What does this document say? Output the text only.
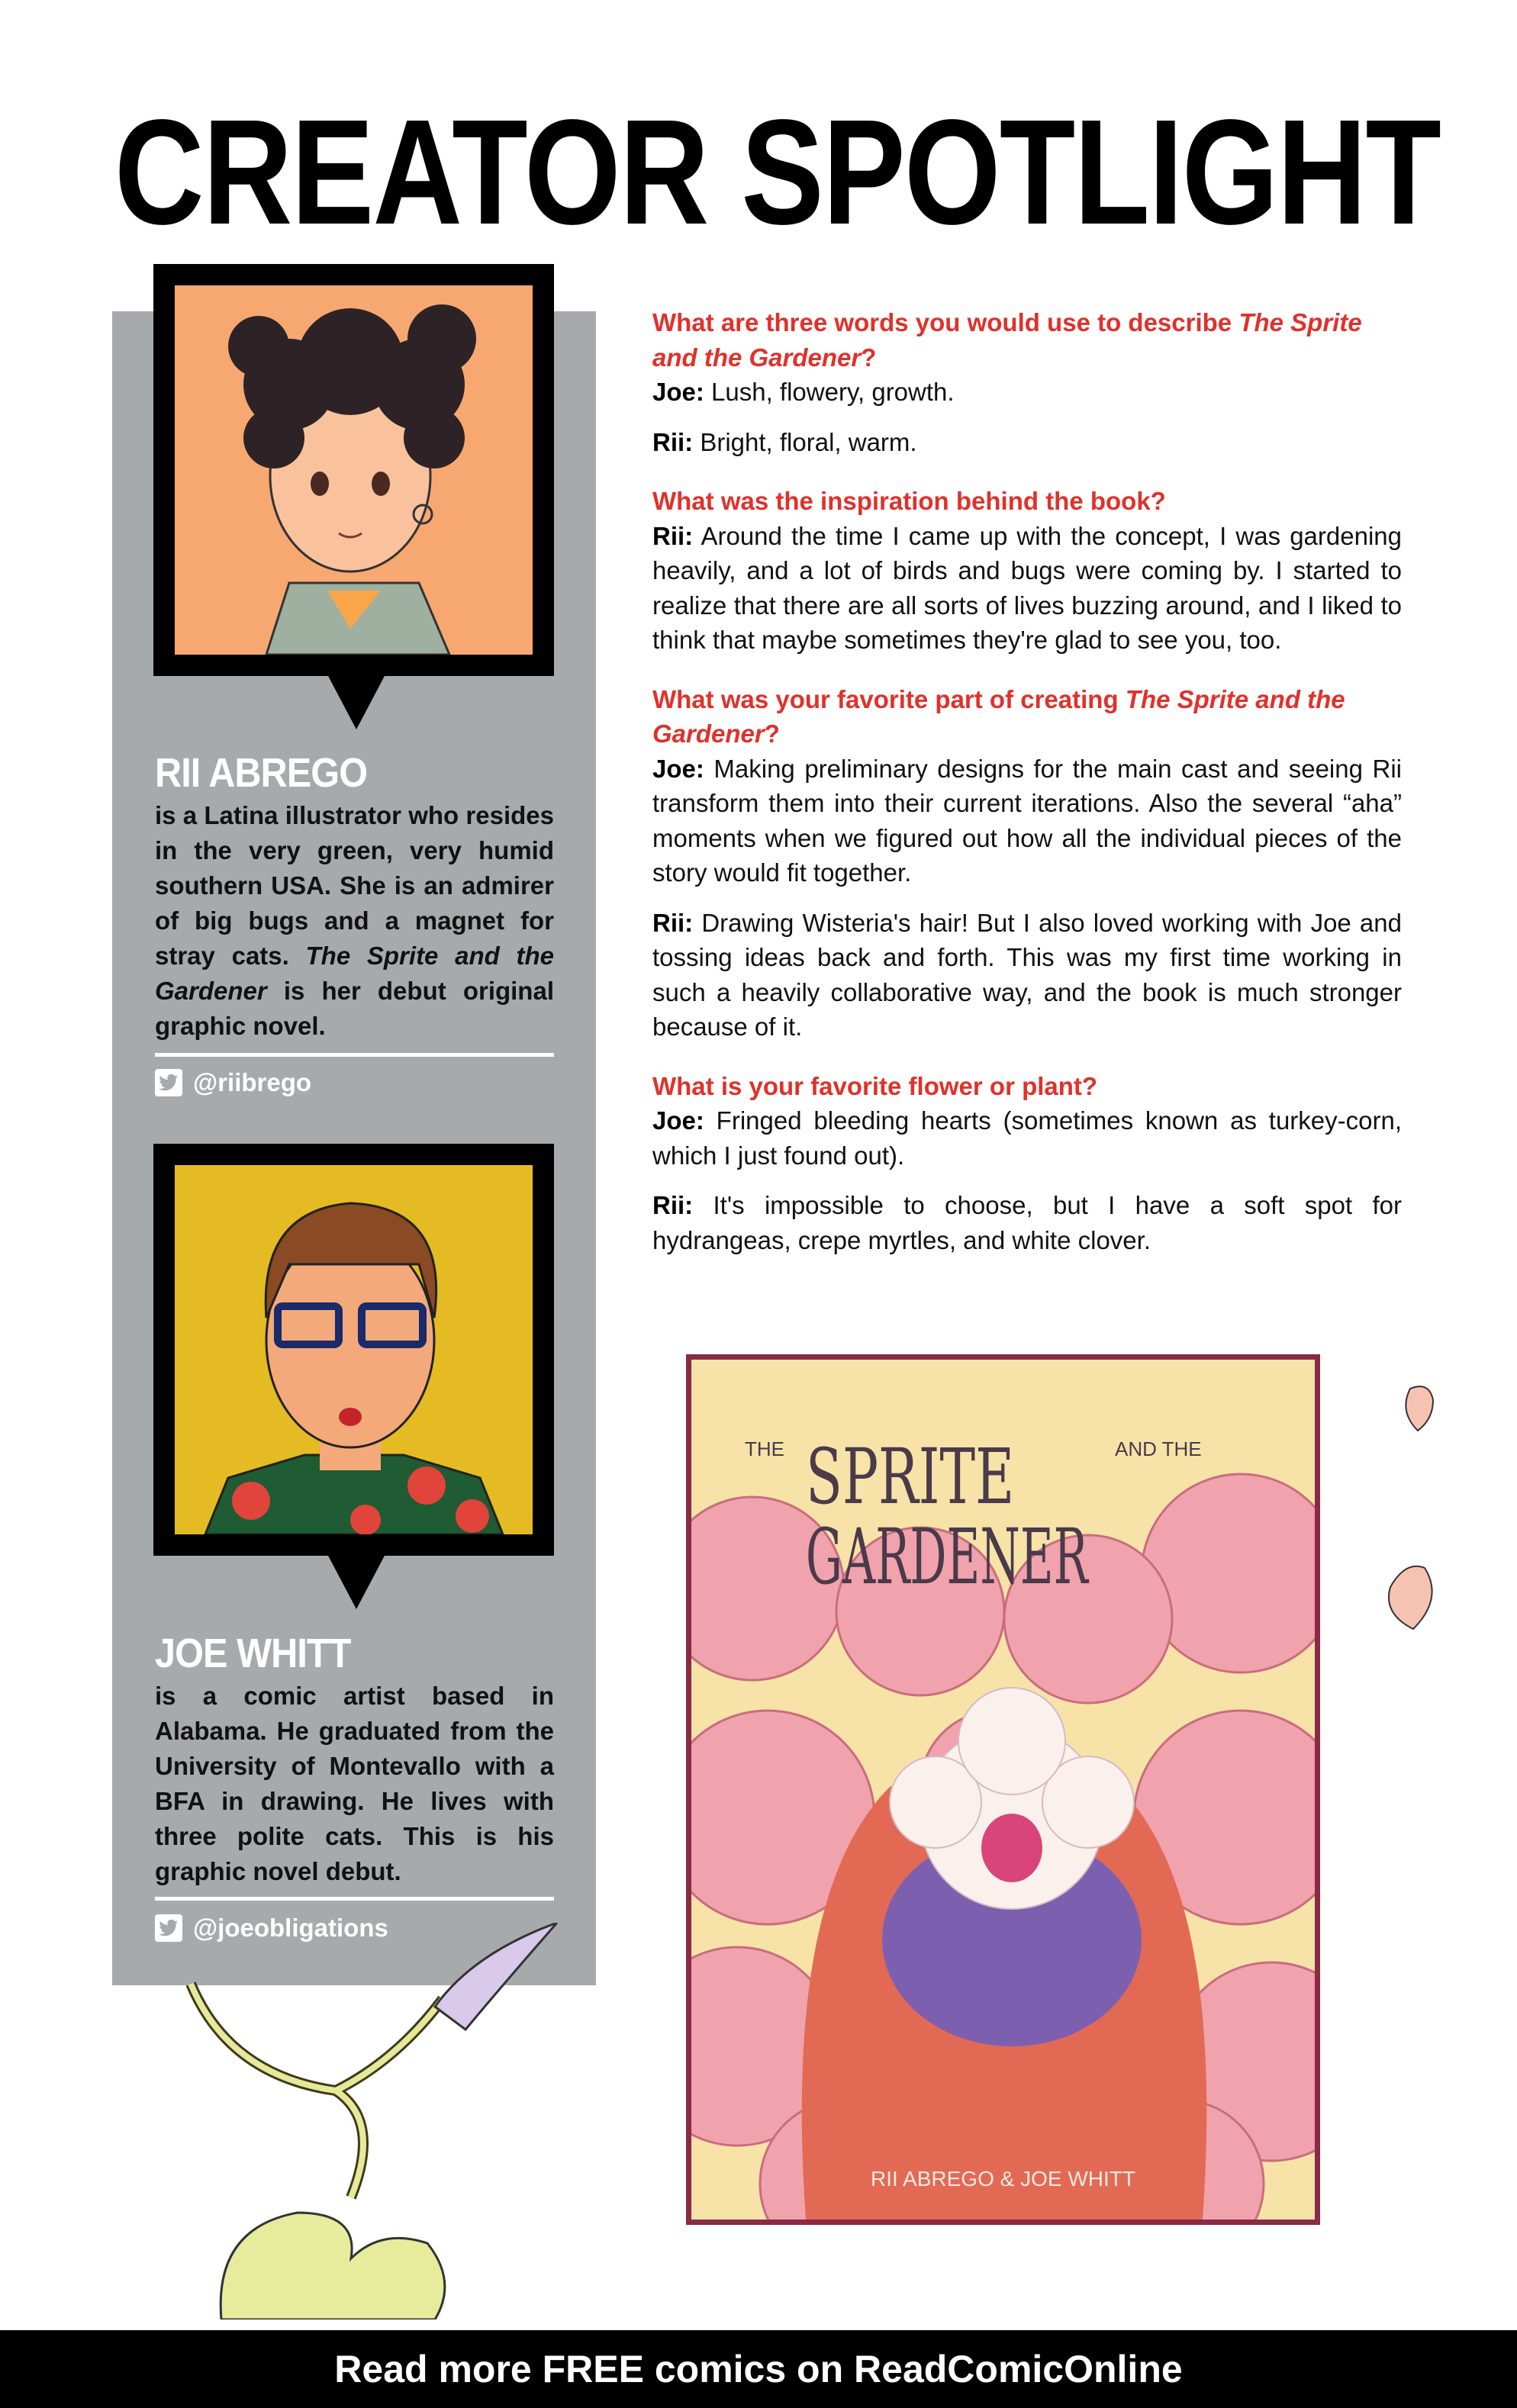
CREATOR SPOTLIGHT
RII ABREGO
is a Latina illustrator who resides in the very green, very humid southern USA. She is an admirer of big bugs and a magnet for stray cats. The Sprite and the Gardener is her debut original graphic novel.
@riibrego
JOE WHITT
is a comic artist based in Alabama. He graduated from the University of Montevallo with a BFA in drawing. He lives with three polite cats. This is his graphic novel debut.
@joeobligations
What are three words you would use to describe The Sprite and the Gardener?
Joe: Lush, flowery, growth.
Rii: Bright, floral, warm.
What was the inspiration behind the book?
Rii: Around the time I came up with the concept, I was gardening heavily, and a lot of birds and bugs were coming by. I started to realize that there are all sorts of lives buzzing around, and I liked to think that maybe sometimes they're glad to see you, too.
What was your favorite part of creating The Sprite and the Gardener?
Joe: Making preliminary designs for the main cast and seeing Rii transform them into their current iterations. Also the several “aha” moments when we figured out how all the individual pieces of the story would fit together.
Rii: Drawing Wisteria's hair! But I also loved working with Joe and tossing ideas back and forth. This was my first time working in such a heavily collaborative way, and the book is much stronger because of it.
What is your favorite flower or plant?
Joe: Fringed bleeding hearts (sometimes known as turkey-corn, which I just found out).
Rii: It's impossible to choose, but I have a soft spot for hydrangeas, crepe myrtles, and white clover.
THE SPRITE	AND THE
GARDENER
RII ABREGO & JOE WHITT
Read more FREE comics on ReadComicOnline
